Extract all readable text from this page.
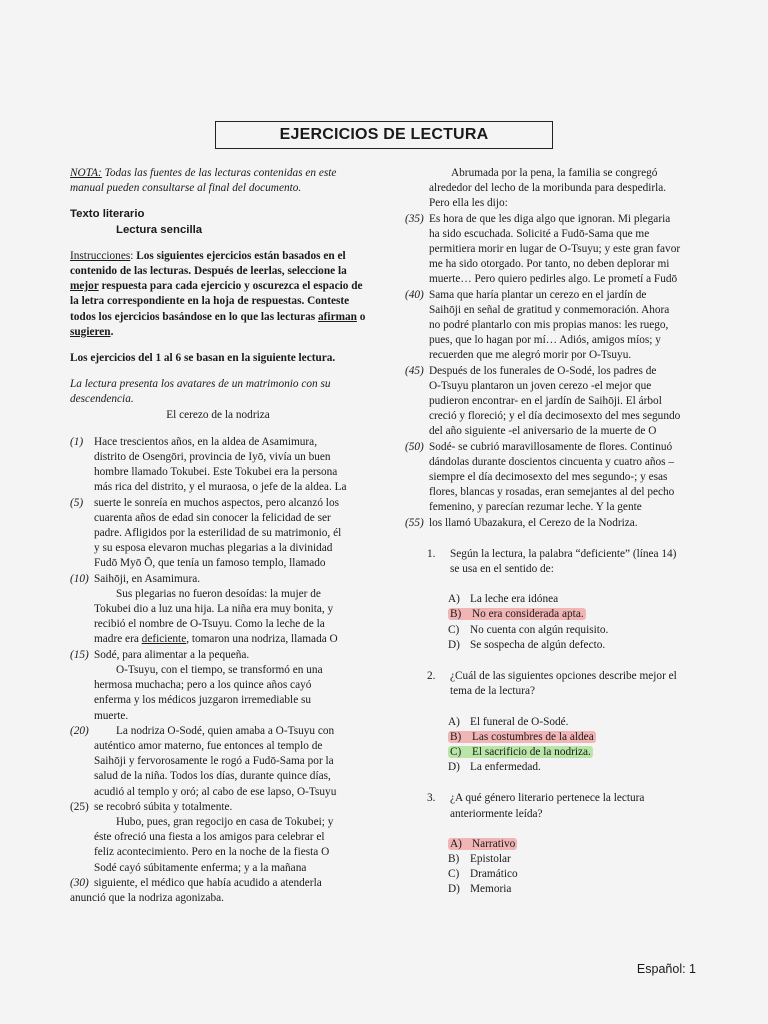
EJERCICIOS DE LECTURA

NOTA: Todas las fuentes de las lecturas contenidas en este manual pueden consultarse al final del documento.

Texto literario
Lectura sencilla

Instrucciones: Los siguientes ejercicios están basados en el contenido de las lecturas. Después de leerlas, seleccione la mejor respuesta para cada ejercicio y oscurezca el espacio de la letra correspondiente en la hoja de respuestas. Conteste todos los ejercicios basándose en lo que las lecturas afirman o sugieren.

Los ejercicios del 1 al 6 se basan en la siguiente lectura.

La lectura presenta los avatares de un matrimonio con su descendencia.

El cerezo de la nodriza
(1) Hace trescientos años, en la aldea de Asamimura,
distrito de Osengōri, provincia de Iyō, vivía un buen
hombre llamado Tokubei. Este Tokubei era la persona
más rica del distrito, y el muraosa, o jefe de la aldea. La
(5) suerte le sonreía en muchos aspectos, pero alcanzó los
cuarenta años de edad sin conocer la felicidad de ser
padre. Afligidos por la esterilidad de su matrimonio, él
y su esposa elevaron muchas plegarias a la divinidad
Fudō Myō Ō, que tenía un famoso templo, llamado
(10) Saihōji, en Asamimura.
Sus plegarias no fueron desoídas: la mujer de
Tokubei dio a luz una hija. La niña era muy bonita, y
recibió el nombre de O-Tsuyu. Como la leche de la
madre era deficiente, tomaron una nodriza, llamada O
(15) Sodé, para alimentar a la pequeña.
O-Tsuyu, con el tiempo, se transformó en una
hermosa muchacha; pero a los quince años cayó
enferma y los médicos juzgaron irremediable su
muerte.
(20) La nodriza O-Sodé, quien amaba a O-Tsuyu con
auténtico amor materno, fue entonces al templo de
Saihōji y fervorosamente le rogó a Fudō-Sama por la
salud de la niña. Todos los días, durante quince días,
acudió al templo y oró; al cabo de ese lapso, O-Tsuyu
(25) se recobró súbita y totalmente.
Hubo, pues, gran regocijo en casa de Tokubei; y
éste ofreció una fiesta a los amigos para celebrar el
feliz acontecimiento. Pero en la noche de la fiesta O
Sodé cayó súbitamente enferma; y a la mañana
(30) siguiente, el médico que había acudido a atenderla
anunció que la nodriza agonizaba.
Abrumada por la pena, la familia se congregó
alrededor del lecho de la moribunda para despedirla.
Pero ella les dijo:
(35) Es hora de que les diga algo que ignoran. Mi plegaria
ha sido escuchada. Solicité a Fudō-Sama que me
permitiera morir en lugar de O-Tsuyu; y este gran favor
me ha sido otorgado. Por tanto, no deben deplorar mi
muerte… Pero quiero pedirles algo. Le prometí a Fudō
(40) Sama que haría plantar un cerezo en el jardín de
Saihōji en señal de gratitud y conmemoración. Ahora
no podré plantarlo con mis propias manos: les ruego,
pues, que lo hagan por mí… Adiós, amigos míos; y
recuerden que me alegró morir por O-Tsuyu.
(45) Después de los funerales de O-Sodé, los padres de
O-Tsuyu plantaron un joven cerezo -el mejor que
pudieron encontrar- en el jardín de Saihōji. El árbol
creció y floreció; y el día decimosexto del mes segundo
del año siguiente -el aniversario de la muerte de O
(50) Sodé- se cubrió maravillosamente de flores. Continuó
dándolas durante doscientos cincuenta y cuatro años –
siempre el día decimosexto del mes segundo-; y esas
flores, blancas y rosadas, eran semejantes al del pecho
femenino, y parecían rezumar leche. Y la gente
(55) los llamó Ubazakura, el Cerezo de la Nodriza.
1. Según la lectura, la palabra “deficiente” (línea 14)
se usa en el sentido de:
A) La leche era idónea
B) No era considerada apta.
C) No cuenta con algún requisito.
D) Se sospecha de algún defecto.
2. ¿Cuál de las siguientes opciones describe mejor el
tema de la lectura?
A) El funeral de O-Sodé.
B) Las costumbres de la aldea
C) El sacrificio de la nodriza.
D) La enfermedad.
3. ¿A qué género literario pertenece la lectura
anteriormente leída?
A) Narrativo
B) Epistolar
C) Dramático
D) Memoria
Español: 1
